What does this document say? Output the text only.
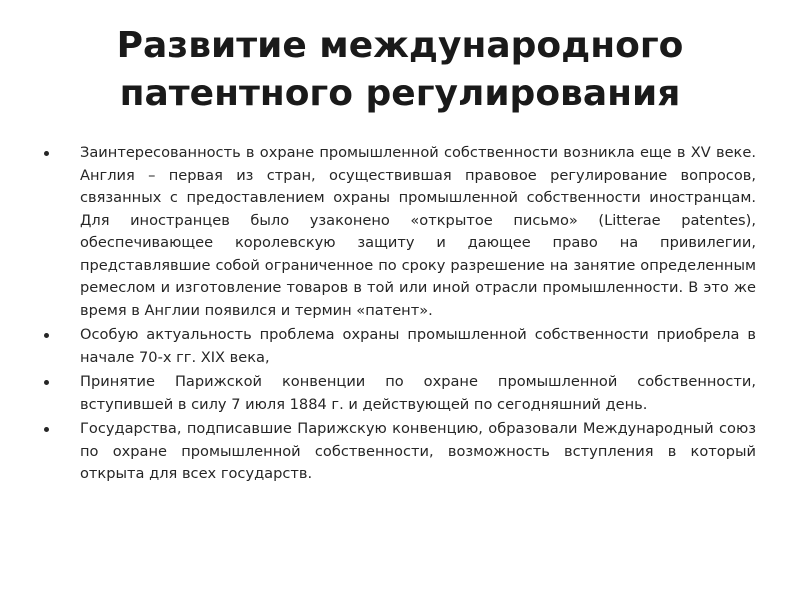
Развитие международного
патентного регулирования
Заинтересованность в охране промышленной собственности возникла еще в XV веке. Англия – первая из стран, осуществившая правовое регулирование вопросов, связанных с предоставлением охраны промышленной собственности иностранцам. Для иностранцев было узаконено «открытое письмо» (Litterae patentes), обеспечивающее королевскую защиту и дающее право на привилегии, представлявшие собой ограниченное по сроку разрешение на занятие определенным ремеслом и изготовление товаров в той или иной отрасли промышленности. В это же время в Англии появился и термин «патент».
Особую актуальность проблема охраны промышленной собственности приобрела в начале 70-х гг. XIX века,
Принятие Парижской конвенции по охране промышленной собственности, вступившей в силу 7 июля 1884 г. и действующей по сегодняшний день.
Государства, подписавшие Парижскую конвенцию, образовали Международный союз по охране промышленной собственности, возможность вступления в который открыта для всех государств.
